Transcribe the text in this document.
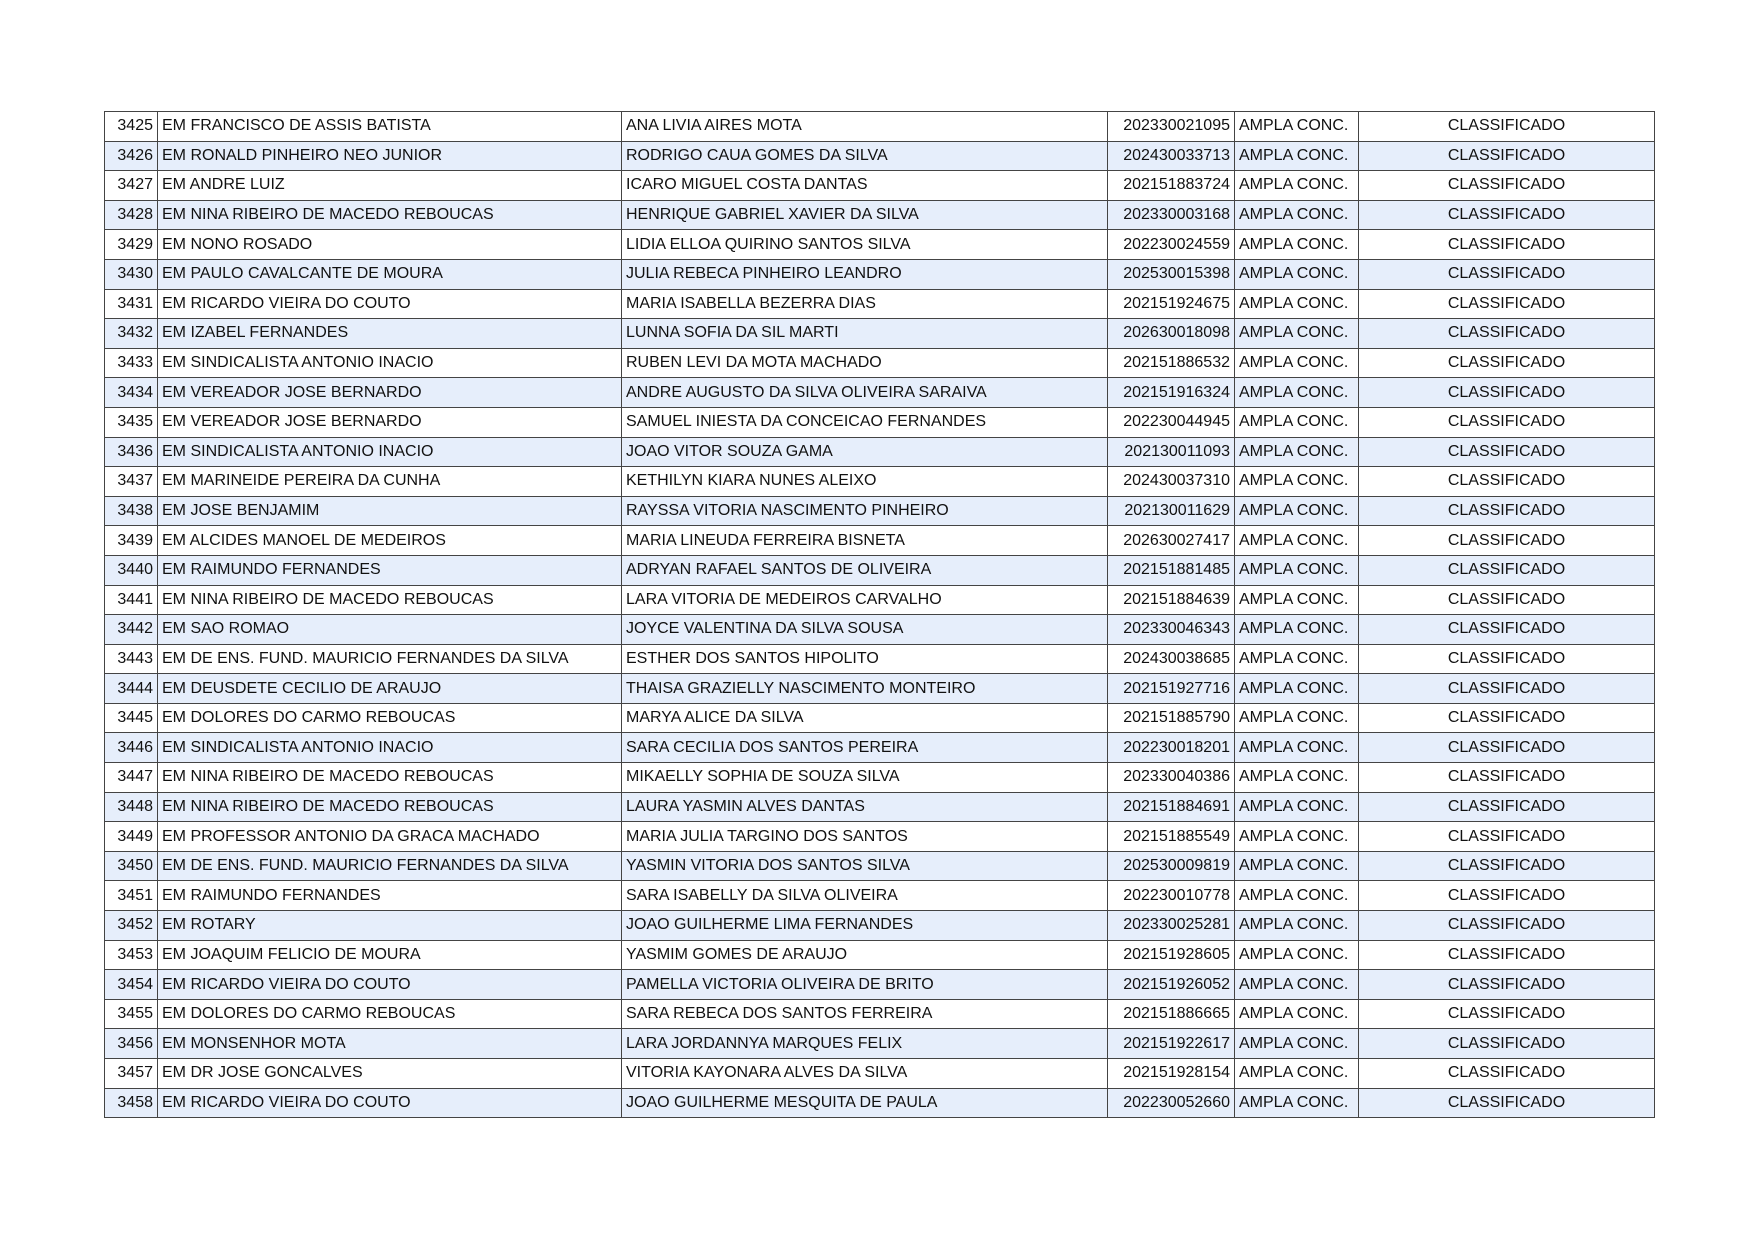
3425	EM FRANCISCO DE ASSIS BATISTA	ANA LIVIA AIRES MOTA	202330021095	AMPLA CONC.	CLASSIFICADO
3426	EM RONALD PINHEIRO NEO JUNIOR	RODRIGO CAUA GOMES DA SILVA	202430033713	AMPLA CONC.	CLASSIFICADO
3427	EM ANDRE LUIZ	ICARO MIGUEL COSTA DANTAS	202151883724	AMPLA CONC.	CLASSIFICADO
3428	EM NINA RIBEIRO DE MACEDO REBOUCAS	HENRIQUE GABRIEL XAVIER DA SILVA	202330003168	AMPLA CONC.	CLASSIFICADO
3429	EM NONO ROSADO	LIDIA ELLOA QUIRINO SANTOS SILVA	202230024559	AMPLA CONC.	CLASSIFICADO
3430	EM PAULO CAVALCANTE DE MOURA	JULIA REBECA PINHEIRO LEANDRO	202530015398	AMPLA CONC.	CLASSIFICADO
3431	EM RICARDO VIEIRA DO COUTO	MARIA ISABELLA BEZERRA DIAS	202151924675	AMPLA CONC.	CLASSIFICADO
3432	EM IZABEL FERNANDES	LUNNA SOFIA DA SIL MARTI	202630018098	AMPLA CONC.	CLASSIFICADO
3433	EM SINDICALISTA ANTONIO INACIO	RUBEN LEVI DA MOTA MACHADO	202151886532	AMPLA CONC.	CLASSIFICADO
3434	EM VEREADOR JOSE BERNARDO	ANDRE AUGUSTO DA SILVA OLIVEIRA SARAIVA	202151916324	AMPLA CONC.	CLASSIFICADO
3435	EM VEREADOR JOSE BERNARDO	SAMUEL INIESTA DA CONCEICAO FERNANDES	202230044945	AMPLA CONC.	CLASSIFICADO
3436	EM SINDICALISTA ANTONIO INACIO	JOAO VITOR SOUZA GAMA	202130011093	AMPLA CONC.	CLASSIFICADO
3437	EM MARINEIDE PEREIRA DA CUNHA	KETHILYN KIARA NUNES ALEIXO	202430037310	AMPLA CONC.	CLASSIFICADO
3438	EM JOSE BENJAMIM	RAYSSA VITORIA NASCIMENTO PINHEIRO	202130011629	AMPLA CONC.	CLASSIFICADO
3439	EM ALCIDES MANOEL DE MEDEIROS	MARIA LINEUDA FERREIRA BISNETA	202630027417	AMPLA CONC.	CLASSIFICADO
3440	EM RAIMUNDO FERNANDES	ADRYAN RAFAEL SANTOS DE OLIVEIRA	202151881485	AMPLA CONC.	CLASSIFICADO
3441	EM NINA RIBEIRO DE MACEDO REBOUCAS	LARA VITORIA DE MEDEIROS CARVALHO	202151884639	AMPLA CONC.	CLASSIFICADO
3442	EM SAO ROMAO	JOYCE VALENTINA DA SILVA SOUSA	202330046343	AMPLA CONC.	CLASSIFICADO
3443	EM DE ENS. FUND. MAURICIO FERNANDES DA SILVA	ESTHER DOS SANTOS HIPOLITO	202430038685	AMPLA CONC.	CLASSIFICADO
3444	EM DEUSDETE CECILIO DE ARAUJO	THAISA GRAZIELLY NASCIMENTO MONTEIRO	202151927716	AMPLA CONC.	CLASSIFICADO
3445	EM DOLORES DO CARMO REBOUCAS	MARYA ALICE DA SILVA	202151885790	AMPLA CONC.	CLASSIFICADO
3446	EM SINDICALISTA ANTONIO INACIO	SARA CECILIA DOS SANTOS PEREIRA	202230018201	AMPLA CONC.	CLASSIFICADO
3447	EM NINA RIBEIRO DE MACEDO REBOUCAS	MIKAELLY SOPHIA DE SOUZA SILVA	202330040386	AMPLA CONC.	CLASSIFICADO
3448	EM NINA RIBEIRO DE MACEDO REBOUCAS	LAURA YASMIN ALVES DANTAS	202151884691	AMPLA CONC.	CLASSIFICADO
3449	EM PROFESSOR ANTONIO DA GRACA MACHADO	MARIA JULIA TARGINO DOS SANTOS	202151885549	AMPLA CONC.	CLASSIFICADO
3450	EM DE ENS. FUND. MAURICIO FERNANDES DA SILVA	YASMIN VITORIA DOS SANTOS SILVA	202530009819	AMPLA CONC.	CLASSIFICADO
3451	EM RAIMUNDO FERNANDES	SARA ISABELLY DA SILVA OLIVEIRA	202230010778	AMPLA CONC.	CLASSIFICADO
3452	EM ROTARY	JOAO GUILHERME LIMA FERNANDES	202330025281	AMPLA CONC.	CLASSIFICADO
3453	EM JOAQUIM FELICIO DE MOURA	YASMIM GOMES DE ARAUJO	202151928605	AMPLA CONC.	CLASSIFICADO
3454	EM RICARDO VIEIRA DO COUTO	PAMELLA VICTORIA OLIVEIRA DE BRITO	202151926052	AMPLA CONC.	CLASSIFICADO
3455	EM DOLORES DO CARMO REBOUCAS	SARA REBECA DOS SANTOS FERREIRA	202151886665	AMPLA CONC.	CLASSIFICADO
3456	EM MONSENHOR MOTA	LARA JORDANNYA MARQUES FELIX	202151922617	AMPLA CONC.	CLASSIFICADO
3457	EM DR JOSE GONCALVES	VITORIA KAYONARA ALVES DA SILVA	202151928154	AMPLA CONC.	CLASSIFICADO
3458	EM RICARDO VIEIRA DO COUTO	JOAO GUILHERME MESQUITA DE PAULA	202230052660	AMPLA CONC.	CLASSIFICADO
